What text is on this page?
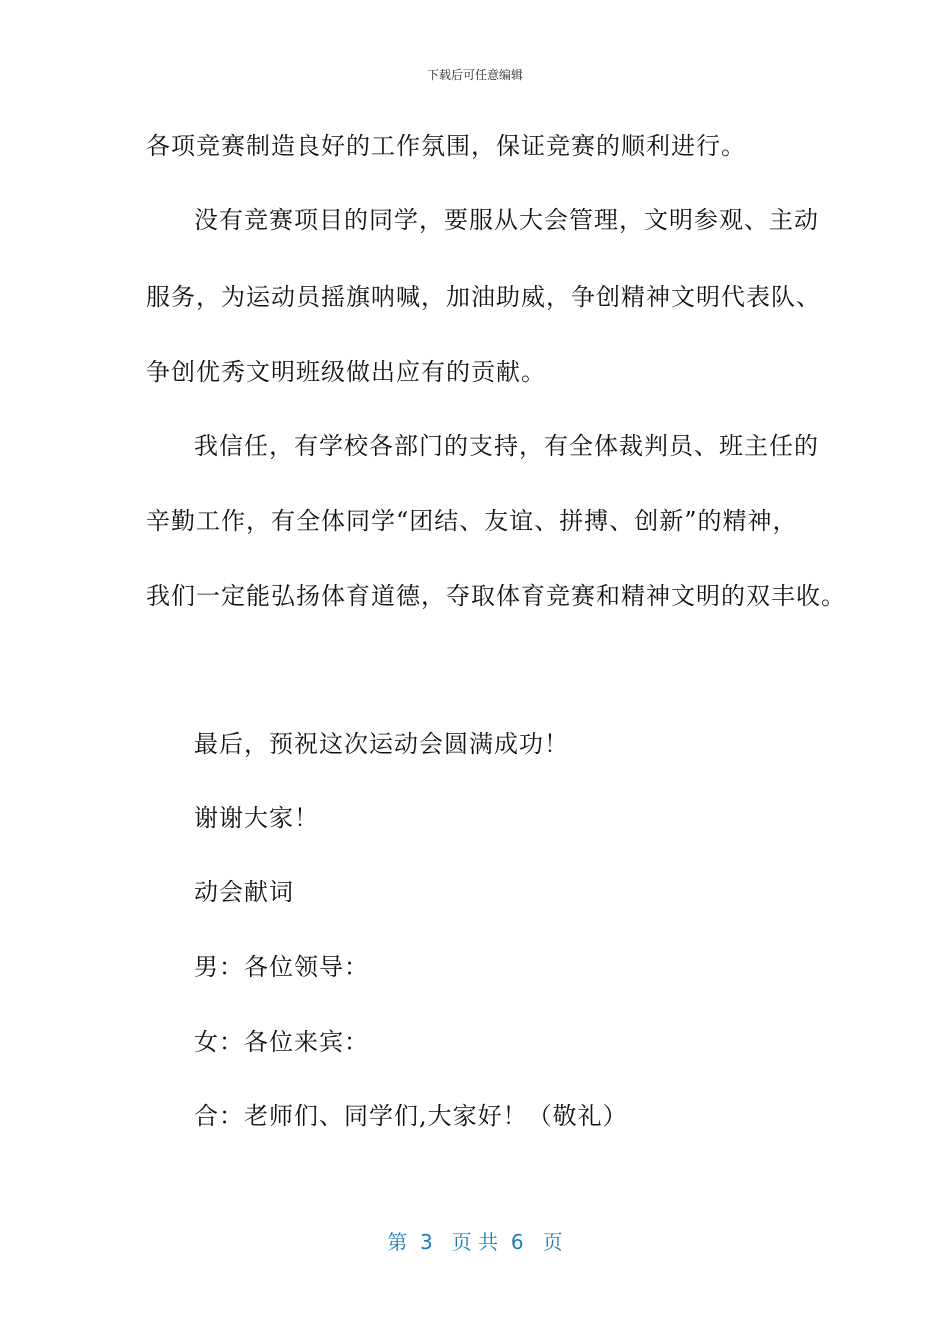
下载后可任意编辑
各项竞赛制造良好的工作氛围，保证竞赛的顺利进行。
没有竞赛项目的同学，要服从大会管理，文明参观、主动
服务，为运动员摇旗呐喊，加油助威，争创精神文明代表队、
争创优秀文明班级做出应有的贡献。
我信任，有学校各部门的支持，有全体裁判员、班主任的
辛勤工作，有全体同学“团结、友谊、拼搏、创新”的精神，
我们一定能弘扬体育道德，夺取体育竞赛和精神文明的双丰收。
最后，预祝这次运动会圆满成功！
谢谢大家！
动会献词
男：各位领导：
女：各位来宾：
合：老师们、同学们,大家好！（敬礼）
第  3   页 共  6   页
